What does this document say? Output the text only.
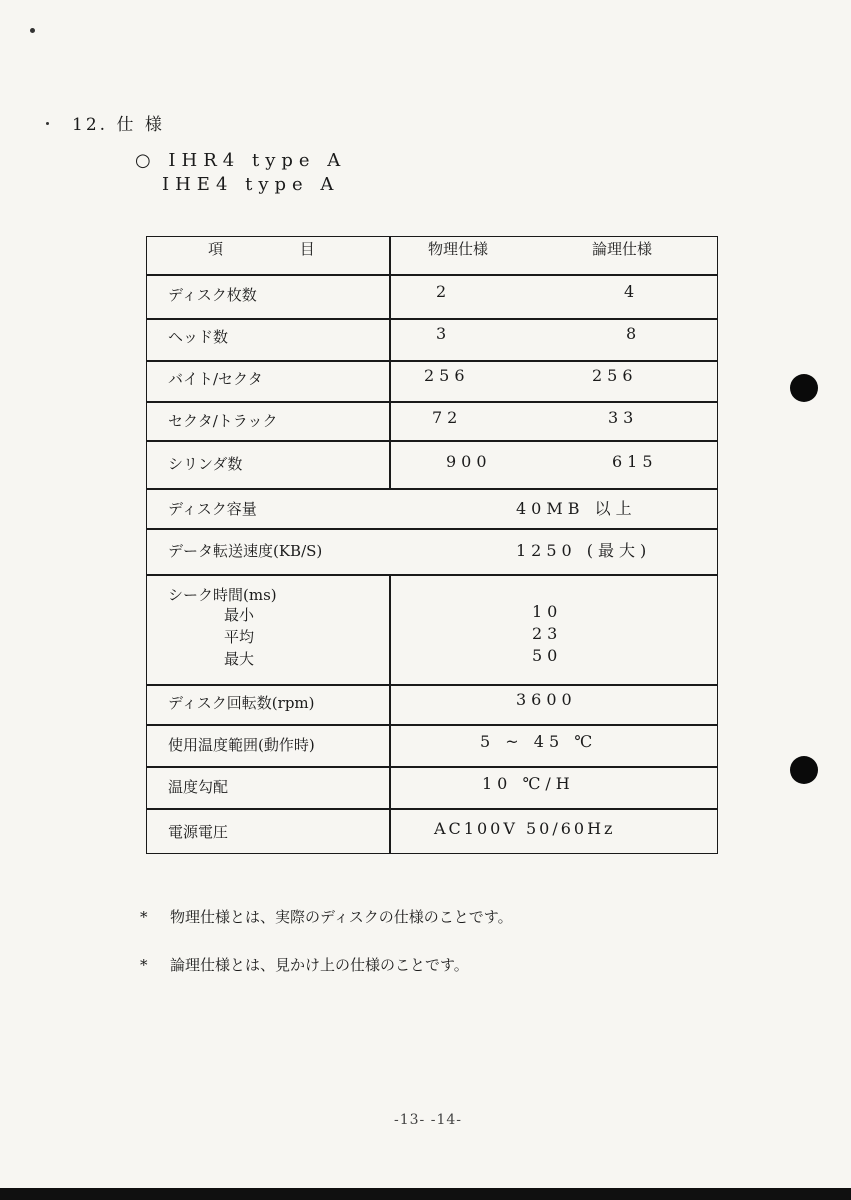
12. 仕 様
○ IHR4 type A
IHE4 type A
項 目	物理仕様	論理仕様
ディスク枚数	2	4
ヘッド数	3	8
バイト/セクタ	256	256
セクタ/トラック	72	33
シリンダ数	900	615
ディスク容量	40MB 以上
データ転送速度(KB/S)	1250 (最大)
シーク時間(ms)
最小	10
平均	23
最大	50
ディスク回転数(rpm)	3600
使用温度範囲(動作時)	5 ~ 45 ℃
温度勾配	10 ℃/H
電源電圧	AC100V 50/60Hz
* 物理仕様とは、実際のディスクの仕様のことです。
* 論理仕様とは、見かけ上の仕様のことです。
-13- -14-
